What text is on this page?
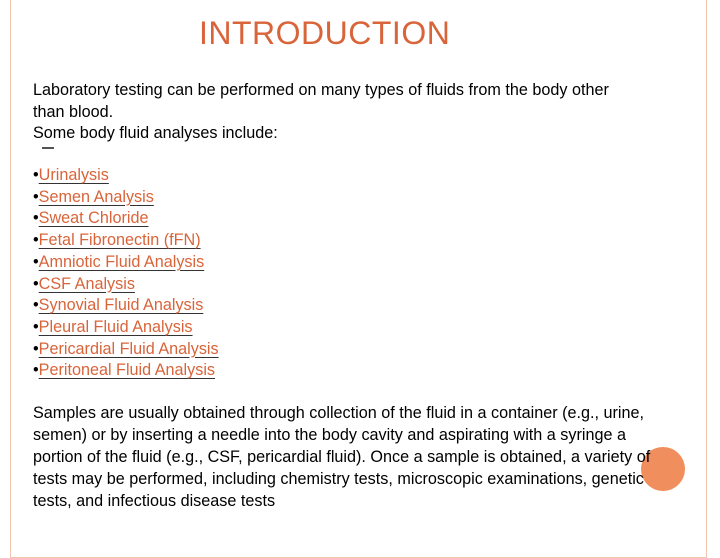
INTRODUCTION

Laboratory testing can be performed on many types of fluids from the body other than blood.

Some body fluid analyses include:

•Urinalysis
•Semen Analysis
•Sweat Chloride
•Fetal Fibronectin (fFN)
•Amniotic Fluid Analysis
•CSF Analysis
•Synovial Fluid Analysis
•Pleural Fluid Analysis
•Pericardial Fluid Analysis
•Peritoneal Fluid Analysis

Samples are usually obtained through collection of the fluid in a container (e.g., urine, semen) or by inserting a needle into the body cavity and aspirating with a syringe a portion of the fluid (e.g., CSF, pericardial fluid). Once a sample is obtained, a variety of tests may be performed, including chemistry tests, microscopic examinations, genetic tests, and infectious disease tests
